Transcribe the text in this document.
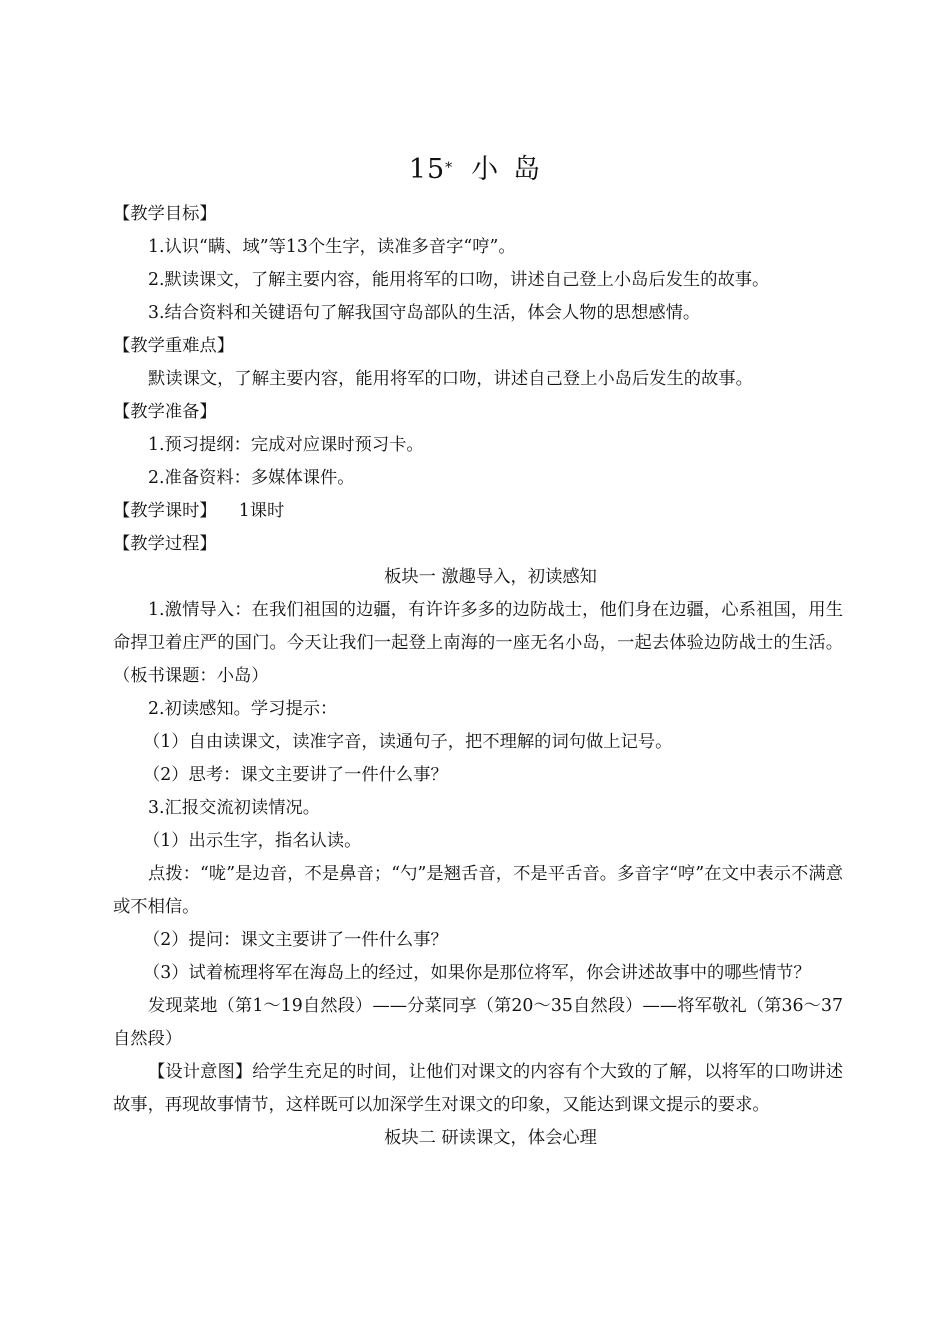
15* 小 岛

【教学目标】

1.认识“瞒、域”等13个生字，读准多音字“哼”。

2.默读课文，了解主要内容，能用将军的口吻，讲述自己登上小岛后发生的故事。

3.结合资料和关键语句了解我国守岛部队的生活，体会人物的思想感情。

【教学重难点】

默读课文，了解主要内容，能用将军的口吻，讲述自己登上小岛后发生的故事。

【教学准备】

1.预习提纲：完成对应课时预习卡。

2.准备资料：多媒体课件。

【教学课时】 1课时

【教学过程】

板块一 激趣导入，初读感知

1.激情导入：在我们祖国的边疆，有许许多多的边防战士，他们身在边疆，心系祖国，用生命捍卫着庄严的国门。今天让我们一起登上南海的一座无名小岛，一起去体验边防战士的生活。（板书课题：小岛）

2.初读感知。学习提示：

（1）自由读课文，读准字音，读通句子，把不理解的词句做上记号。

（2）思考：课文主要讲了一件什么事？

3.汇报交流初读情况。

（1）出示生字，指名认读。

点拨：“咙”是边音，不是鼻音；“勺”是翘舌音，不是平舌音。多音字“哼”在文中表示不满意或不相信。

（2）提问：课文主要讲了一件什么事？

（3）试着梳理将军在海岛上的经过，如果你是那位将军，你会讲述故事中的哪些情节？

发现菜地（第1～19自然段）——分菜同享（第20～35自然段）——将军敬礼（第36～37自然段）

【设计意图】给学生充足的时间，让他们对课文的内容有个大致的了解，以将军的口吻讲述故事，再现故事情节，这样既可以加深学生对课文的印象，又能达到课文提示的要求。

板块二 研读课文，体会心理
